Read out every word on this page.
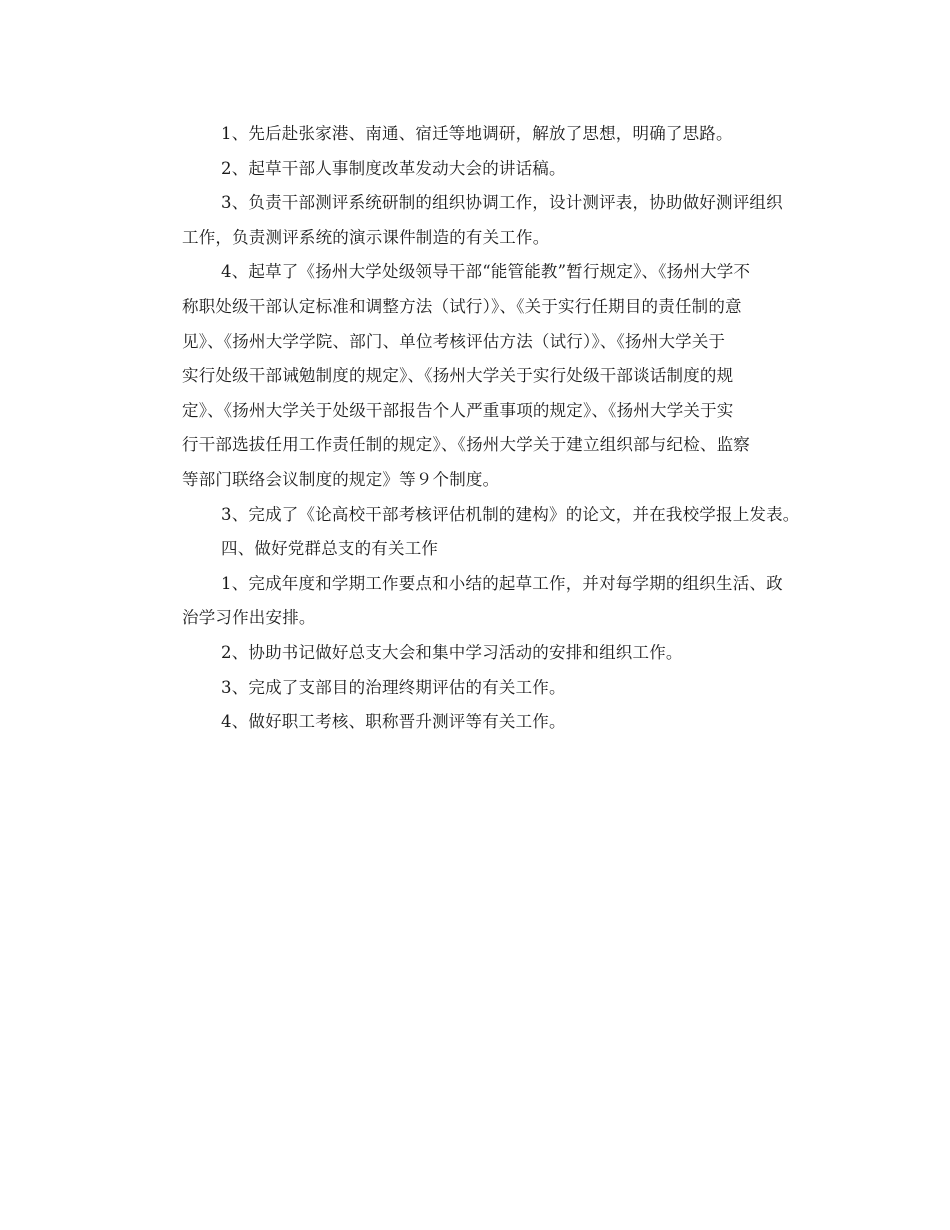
1、先后赴张家港、南通、宿迁等地调研，解放了思想，明确了思路。

2、起草干部人事制度改革发动大会的讲话稿。

3、负责干部测评系统研制的组织协调工作，设计测评表，协助做好测评组织
工作，负责测评系统的演示课件制造的有关工作。

4、起草了《扬州大学处级领导干部“能管能教”暂行规定》、《扬州大学不
称职处级干部认定标准和调整方法（试行）》、《关于实行任期目的责任制的意
见》、《扬州大学学院、部门、单位考核评估方法（试行）》、《扬州大学关于
实行处级干部诫勉制度的规定》、《扬州大学关于实行处级干部谈话制度的规
定》、《扬州大学关于处级干部报告个人严重事项的规定》、《扬州大学关于实
行干部选拔任用工作责任制的规定》、《扬州大学关于建立组织部与纪检、监察
等部门联络会议制度的规定》等９个制度。

3、完成了《论高校干部考核评估机制的建构》的论文，并在我校学报上发表。

四、做好党群总支的有关工作

1、完成年度和学期工作要点和小结的起草工作，并对每学期的组织生活、政
治学习作出安排。

2、协助书记做好总支大会和集中学习活动的安排和组织工作。

3、完成了支部目的治理终期评估的有关工作。

4、做好职工考核、职称晋升测评等有关工作。
